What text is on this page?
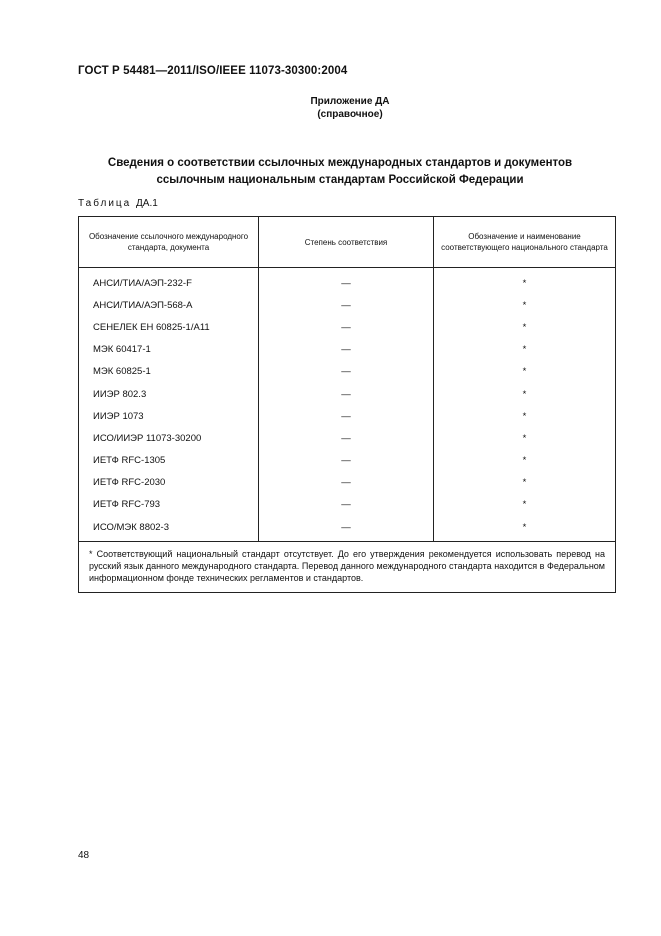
ГОСТ Р 54481—2011/ISO/IEEE 11073-30300:2004
Приложение ДА
(справочное)
Сведения о соответствии ссылочных международных стандартов и документов
ссылочным национальным стандартам Российской Федерации
Таблица ДА.1
Обозначение ссылочного международного стандарта, документа	Степень соответствия	Обозначение и наименование соответствующего национального стандарта
АНСИ/ТИА/АЭП-232-F	—	*
АНСИ/ТИА/АЭП-568-А	—	*
СЕНЕЛЕК ЕН 60825-1/А11	—	*
МЭК 60417-1	—	*
МЭК 60825-1	—	*
ИИЭР 802.3	—	*
ИИЭР 1073	—	*
ИСО/ИИЭР 11073-30200	—	*
ИЕТФ RFC-1305	—	*
ИЕТФ RFC-2030	—	*
ИЕТФ RFC-793	—	*
ИСО/МЭК 8802-3	—	*
* Соответствующий национальный стандарт отсутствует. До его утверждения рекомендуется использовать перевод на русский язык данного международного стандарта. Перевод данного международного стандарта находится в Федеральном информационном фонде технических регламентов и стандартов.		
48
